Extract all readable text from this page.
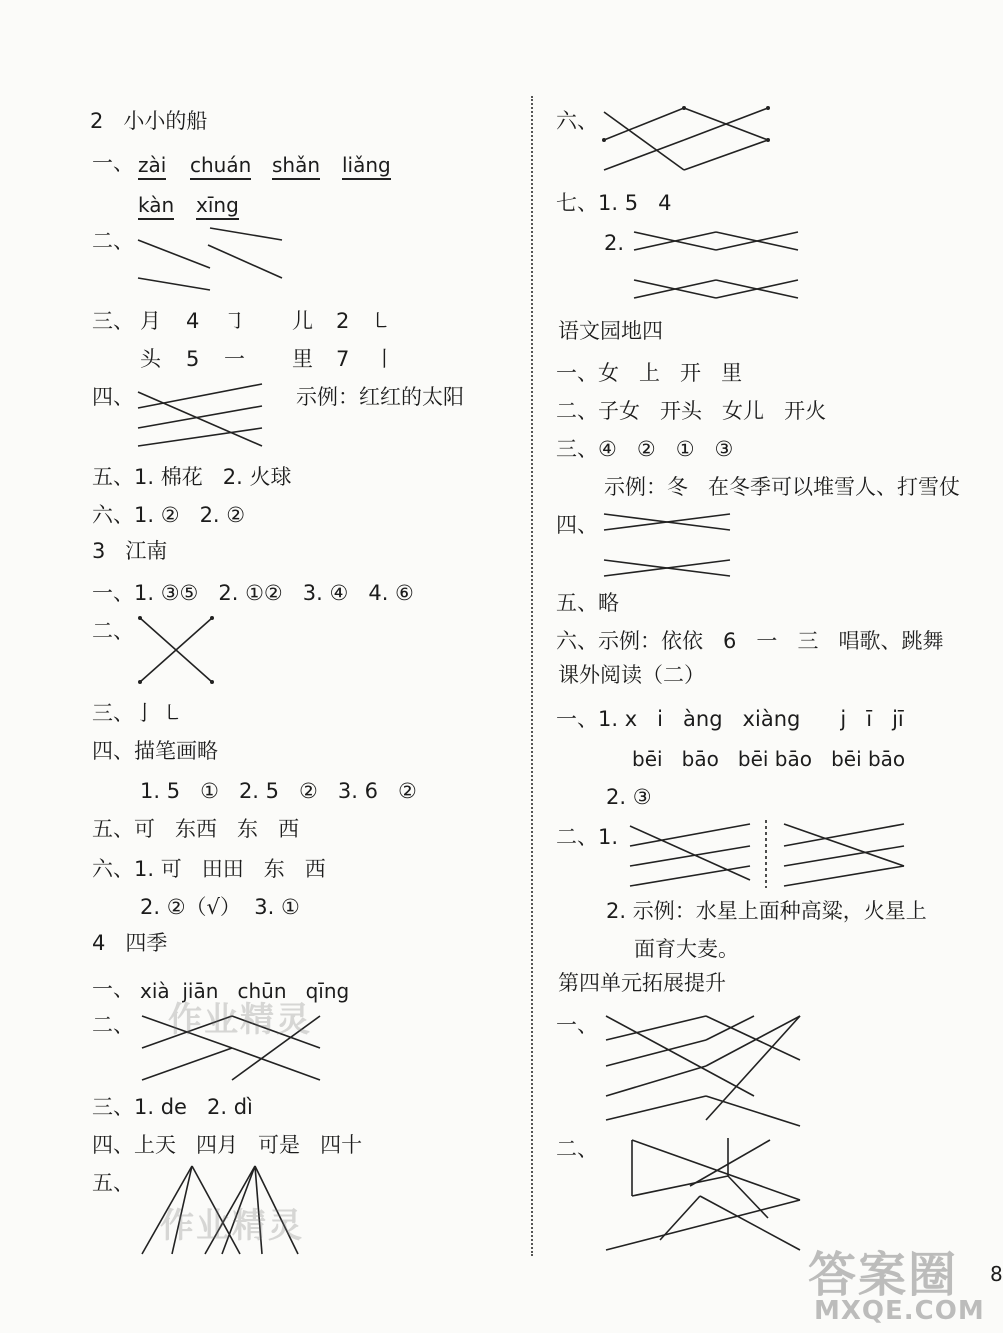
2   小小的船
一、 zài chuán shǎn liǎng
kàn xīng
二、
三、 月 4 ㇆ 儿 2 ㇄
头 5 一 里 7 丨
四、	示例：红红的太阳
五、1. 棉花   2. 火球
六、1. ②   2. ②
3   江南
一、1. ③⑤   2. ①②   3. ④   4. ⑥
二、
三、亅 ㇄
四、描笔画略
1. 5   ①   2. 5   ②   3. 6   ②
五、可   东西   东   西
六、1. 可   田田   东   西
2. ②（√）  3. ①
4   四季
一、 xià  jiān   chūn   qīng
二、
三、1. de   2. dì
四、上天   四月   可是   四十
五、
六、
七、1. 5   4
2.
语文园地四
一、女   上   开   里
二、子女   开头   女儿   开火
三、④   ②   ①   ③
示例：冬   在冬季可以堆雪人、打雪仗
四、
五、略
六、示例：依依   6   一   三   唱歌、跳舞
课外阅读（二）
一、1. x   i   àng   xiàng      j   ī   jī
bēi   bāo   bēi bāo   bēi bāo
2. ③
二、1.
2. 示例：水星上面种高粱，火星上
面育大麦。
第四单元拓展提升
一、
二、
作业精灵
作业精灵
答案圈
MXQE.COM
8
